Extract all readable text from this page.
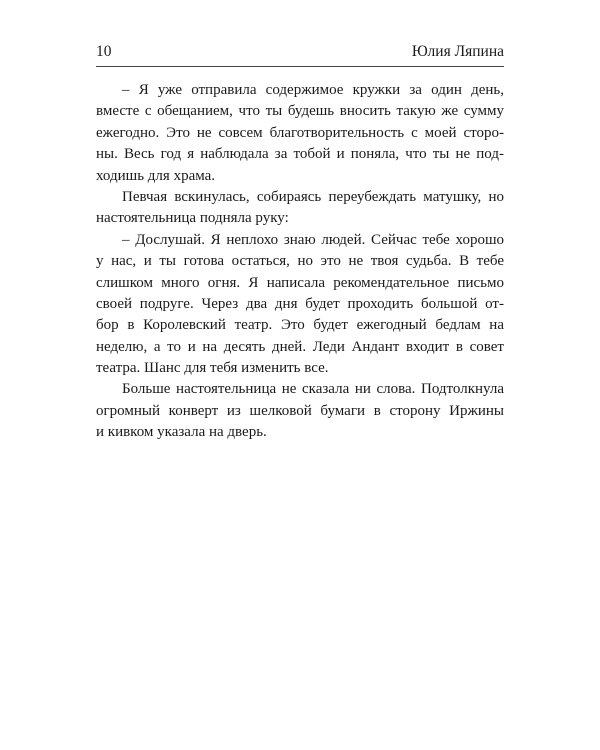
10	Юлия Ляпина
– Я уже отправила содержимое кружки за один день,
вместе с обещанием, что ты будешь вносить такую же сумму
ежегодно. Это не совсем благотворительность с моей сторо-
ны. Весь год я наблюдала за тобой и поняла, что ты не под-
ходишь для храма.
Певчая вскинулась, собираясь переубеждать матушку, но
настоятельница подняла руку:
– Дослушай. Я неплохо знаю людей. Сейчас тебе хорошо
у нас, и ты готова остаться, но это не твоя судьба. В тебе
слишком много огня. Я написала рекомендательное письмо
своей подруге. Через два дня будет проходить большой от-
бор в Королевский театр. Это будет ежегодный бедлам на
неделю, а то и на десять дней. Леди Андант входит в совет
театра. Шанс для тебя изменить все.
Больше настоятельница не сказала ни слова. Подтолкнула
огромный конверт из шелковой бумаги в сторону Иржины
и кивком указала на дверь.
